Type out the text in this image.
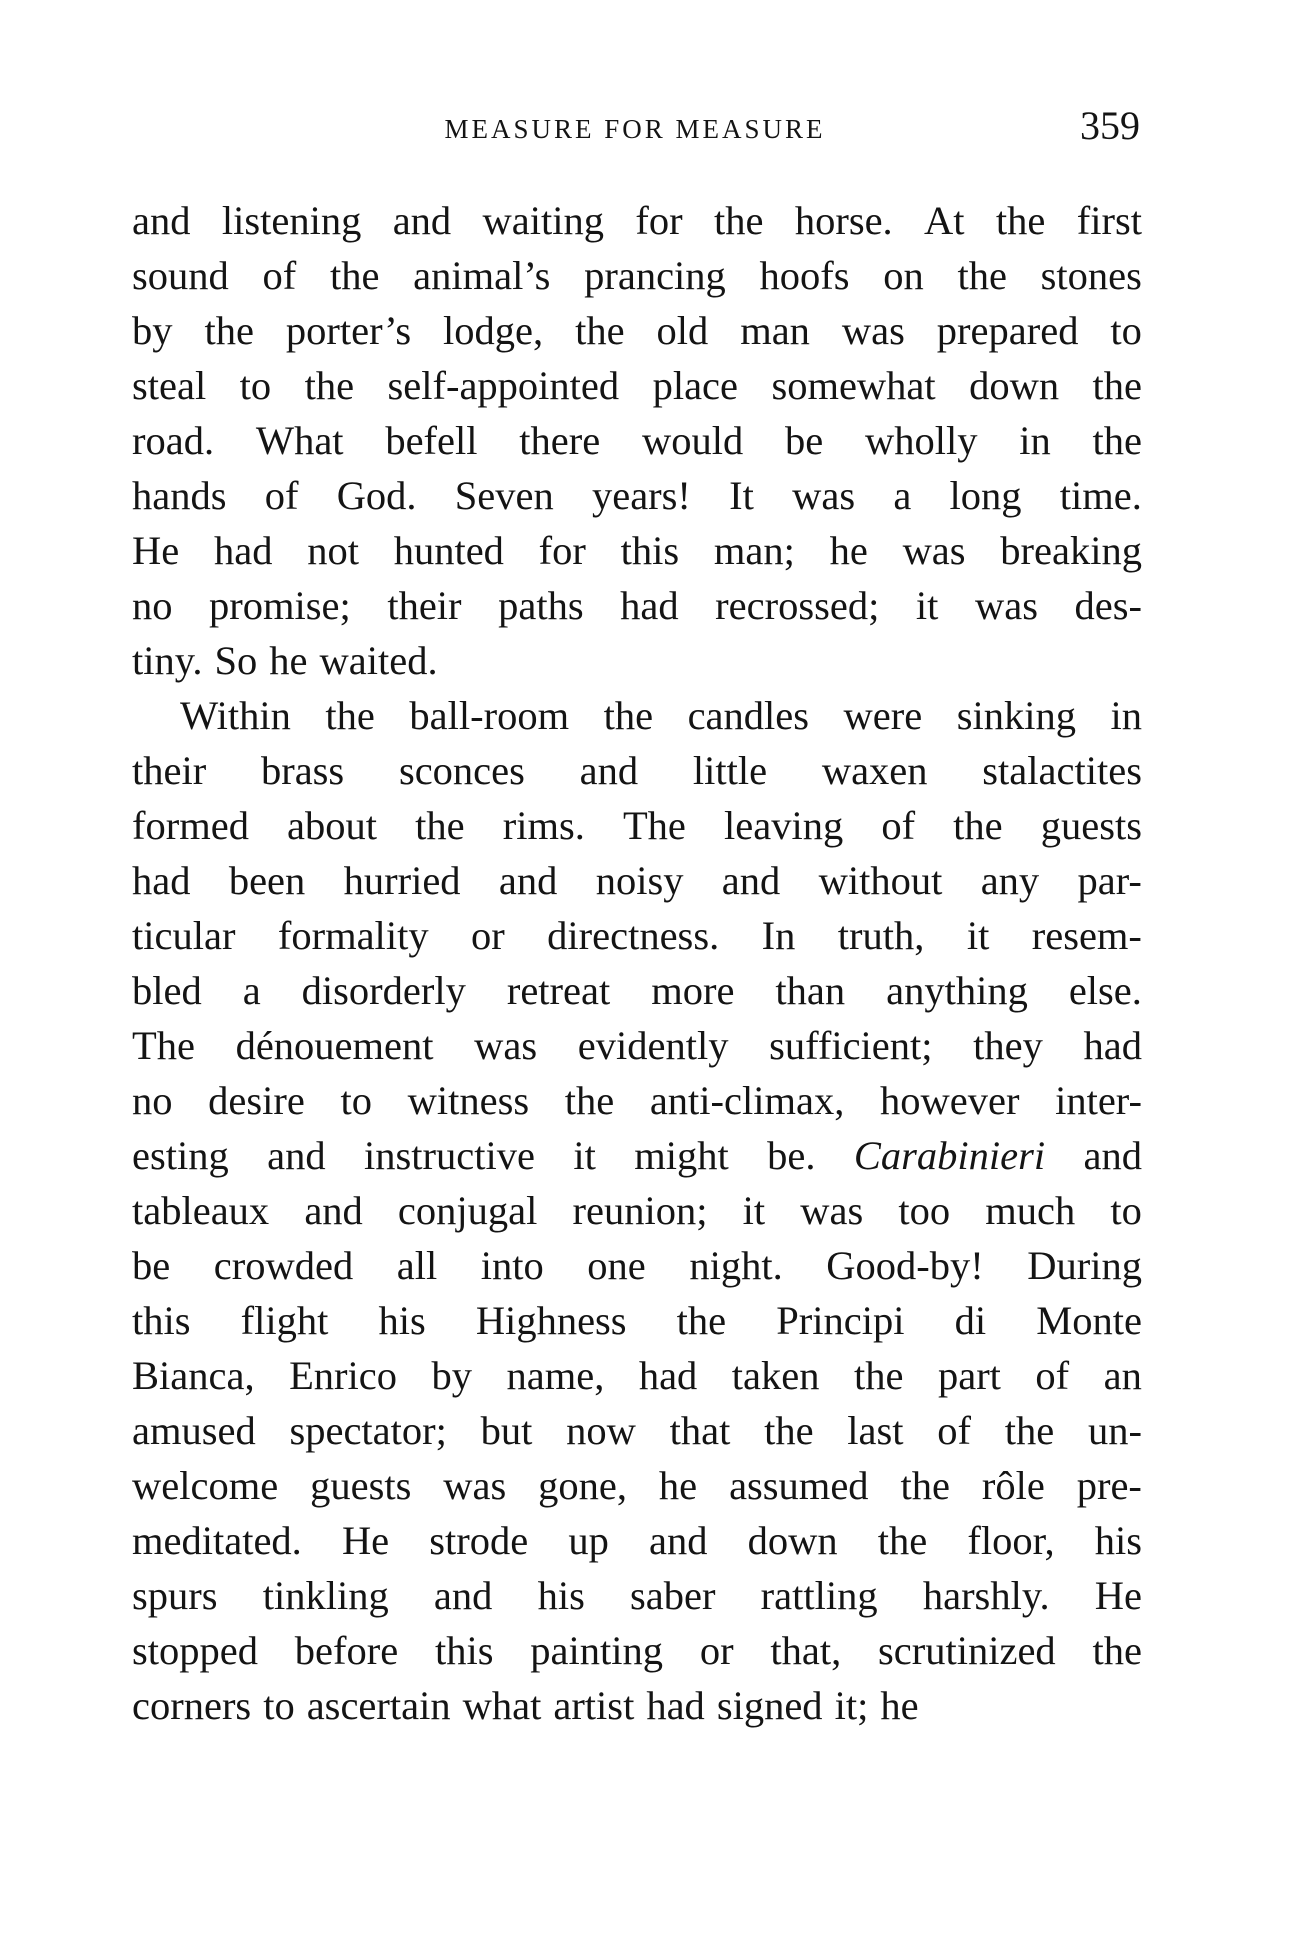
MEASURE FOR MEASURE	359
and listening and waiting for the horse. At the first
sound of the animal’s prancing hoofs on the stones
by the porter’s lodge, the old man was prepared to
steal to the self-appointed place somewhat down the
road. What befell there would be wholly in the
hands of God. Seven years! It was a long time.
He had not hunted for this man; he was breaking
no promise; their paths had recrossed; it was des-
tiny. So he waited.
Within the ball-room the candles were sinking in
their brass sconces and little waxen stalactites
formed about the rims. The leaving of the guests
had been hurried and noisy and without any par-
ticular formality or directness. In truth, it resem-
bled a disorderly retreat more than anything else.
The dénouement was evidently sufficient; they had
no desire to witness the anti-climax, however inter-
esting and instructive it might be. Carabinieri and
tableaux and conjugal reunion; it was too much to
be crowded all into one night. Good-by! During
this flight his Highness the Principi di Monte
Bianca, Enrico by name, had taken the part of an
amused spectator; but now that the last of the un-
welcome guests was gone, he assumed the rôle pre-
meditated. He strode up and down the floor, his
spurs tinkling and his saber rattling harshly. He
stopped before this painting or that, scrutinized the
corners to ascertain what artist had signed it; he
